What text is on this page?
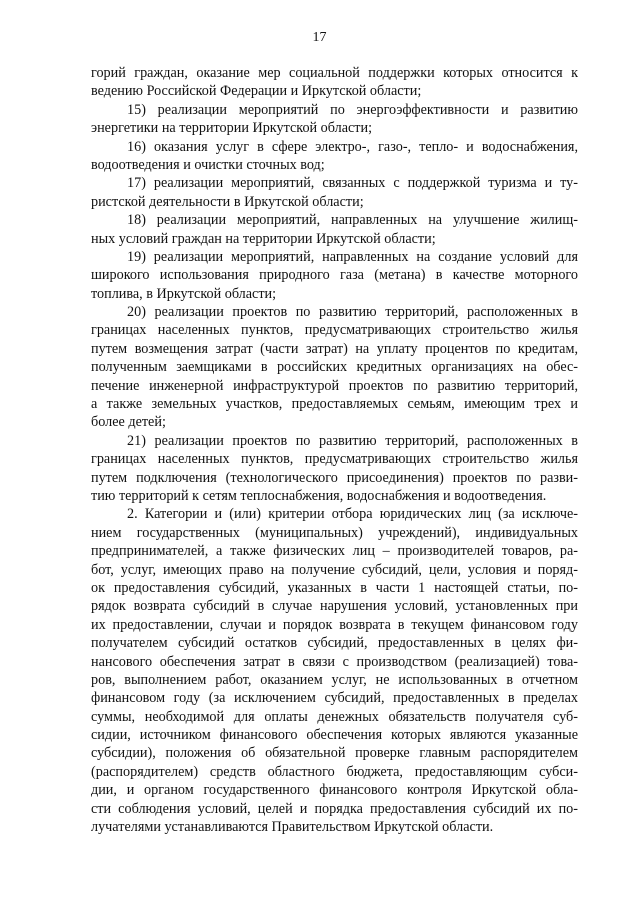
17
горий граждан, оказание мер социальной поддержки которых относится к
ведению Российской Федерации и Иркутской области;
15) реализации мероприятий по энергоэффективности и развитию
энергетики на территории Иркутской области;
16) оказания услуг в сфере электро-, газо-, тепло- и водоснабжения,
водоотведения и очистки сточных вод;
17) реализации мероприятий, связанных с поддержкой туризма и ту-
ристской деятельности в Иркутской области;
18) реализации мероприятий, направленных на улучшение жилищ-
ных условий граждан на территории Иркутской области;
19) реализации мероприятий, направленных на создание условий для
широкого использования природного газа (метана) в качестве моторного
топлива, в Иркутской области;
20) реализации проектов по развитию территорий, расположенных в
границах населенных пунктов, предусматривающих строительство жилья
путем возмещения затрат (части затрат) на уплату процентов по кредитам,
полученным заемщиками в российских кредитных организациях на обес-
печение инженерной инфраструктурой проектов по развитию территорий,
а также земельных участков, предоставляемых семьям, имеющим трех и
более детей;
21) реализации проектов по развитию территорий, расположенных в
границах населенных пунктов, предусматривающих строительство жилья
путем подключения (технологического присоединения) проектов по разви-
тию территорий к сетям теплоснабжения, водоснабжения и водоотведения.
2. Категории и (или) критерии отбора юридических лиц (за исключе-
нием государственных (муниципальных) учреждений), индивидуальных
предпринимателей, а также физических лиц – производителей товаров, ра-
бот, услуг, имеющих право на получение субсидий, цели, условия и поряд-
ок предоставления субсидий, указанных в части 1 настоящей статьи, по-
рядок возврата субсидий в случае нарушения условий, установленных при
их предоставлении, случаи и порядок возврата в текущем финансовом году
получателем субсидий остатков субсидий, предоставленных в целях фи-
нансового обеспечения затрат в связи с производством (реализацией) това-
ров, выполнением работ, оказанием услуг, не использованных в отчетном
финансовом году (за исключением субсидий, предоставленных в пределах
суммы, необходимой для оплаты денежных обязательств получателя суб-
сидии, источником финансового обеспечения которых являются указанные
субсидии), положения об обязательной проверке главным распорядителем
(распорядителем) средств областного бюджета, предоставляющим субси-
дии, и органом государственного финансового контроля Иркутской обла-
сти соблюдения условий, целей и порядка предоставления субсидий их по-
лучателями устанавливаются Правительством Иркутской области.
